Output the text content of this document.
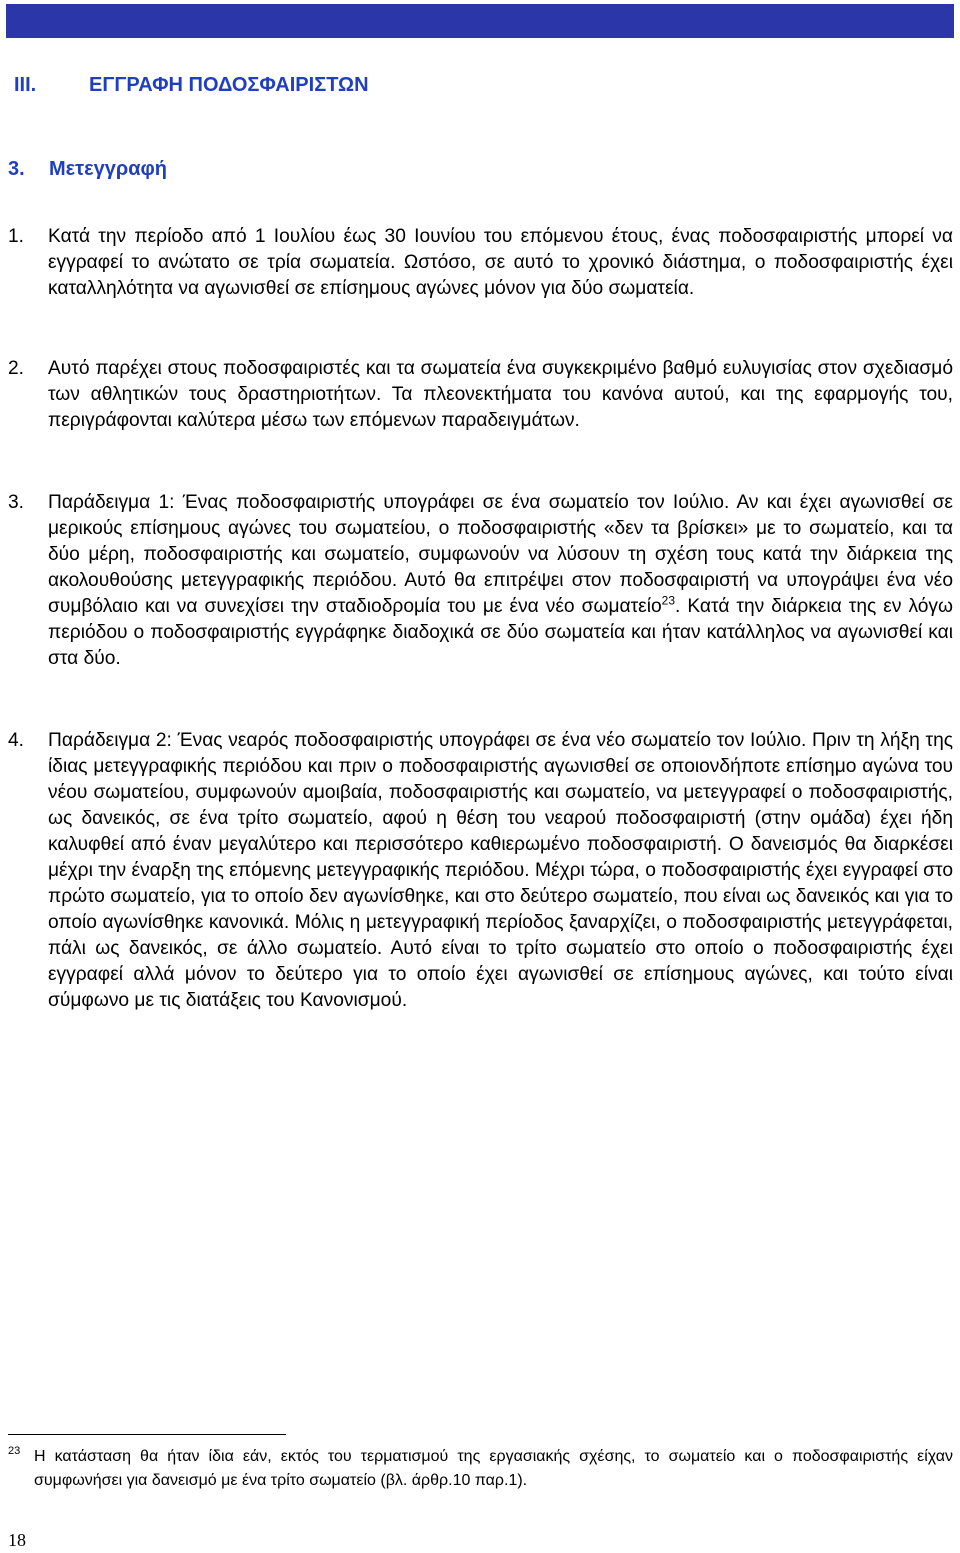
III.	ΕΓΓΡΑΦΗ ΠΟΔΟΣΦΑΙΡΙΣΤΩΝ
3. Μετεγγραφή

1. Κατά την περίοδο από 1 Ιουλίου έως 30 Ιουνίου του επόμενου έτους, ένας ποδοσφαιριστής μπορεί να εγγραφεί το ανώτατο σε τρία σωματεία. Ωστόσο, σε αυτό το χρονικό διάστημα, ο ποδοσφαιριστής έχει καταλληλότητα να αγωνισθεί σε επίσημους αγώνες μόνον για δύο σωματεία.

2. Αυτό παρέχει στους ποδοσφαιριστές και τα σωματεία ένα συγκεκριμένο βαθμό ευλυγισίας στον σχεδιασμό των αθλητικών τους δραστηριοτήτων. Τα πλεονεκτήματα του κανόνα αυτού, και της εφαρμογής του, περιγράφονται καλύτερα μέσω των επόμενων παραδειγμάτων.

3. Παράδειγμα 1: Ένας ποδοσφαιριστής υπογράφει σε ένα σωματείο τον Ιούλιο. Αν και έχει αγωνισθεί σε μερικούς επίσημους αγώνες του σωματείου, ο ποδοσφαιριστής «δεν τα βρίσκει» με το σωματείο, και τα δύο μέρη, ποδοσφαιριστής και σωματείο, συμφωνούν να λύσουν τη σχέση τους κατά την διάρκεια της ακολουθούσης μετεγγραφικής περιόδου. Αυτό θα επιτρέψει στον ποδοσφαιριστή να υπογράψει ένα νέο συμβόλαιο και να συνεχίσει την σταδιοδρομία του με ένα νέο σωματείο$^{23}$. Κατά την διάρκεια της εν λόγω περιόδου ο ποδοσφαιριστής εγγράφηκε διαδοχικά σε δύο σωματεία και ήταν κατάλληλος να αγωνισθεί και στα δύο.

4. Παράδειγμα 2: Ένας νεαρός ποδοσφαιριστής υπογράφει σε ένα νέο σωματείο τον Ιούλιο. Πριν τη λήξη της ίδιας μετεγγραφικής περιόδου και πριν ο ποδοσφαιριστής αγωνισθεί σε οποιονδήποτε επίσημο αγώνα του νέου σωματείου, συμφωνούν αμοιβαία, ποδοσφαιριστής και σωματείο, να μετεγγραφεί ο ποδοσφαιριστής, ως δανεικός, σε ένα τρίτο σωματείο, αφού η θέση του νεαρού ποδοσφαιριστή (στην ομάδα) έχει ήδη καλυφθεί από έναν μεγαλύτερο και περισσότερο καθιερωμένο ποδοσφαιριστή. Ο δανεισμός θα διαρκέσει μέχρι την έναρξη της επόμενης μετεγγραφικής περιόδου. Μέχρι τώρα, ο ποδοσφαιριστής έχει εγγραφεί στο πρώτο σωματείο, για το οποίο δεν αγωνίσθηκε, και στο δεύτερο σωματείο, που είναι ως δανεικός και για το οποίο αγωνίσθηκε κανονικά. Μόλις η μετεγγραφική περίοδος ξαναρχίζει, ο ποδοσφαιριστής μετεγγράφεται, πάλι ως δανεικός, σε άλλο σωματείο. Αυτό είναι το τρίτο σωματείο στο οποίο ο ποδοσφαιριστής έχει εγγραφεί αλλά μόνον το δεύτερο για το οποίο έχει αγωνισθεί σε επίσημους αγώνες, και τούτο είναι σύμφωνο με τις διατάξεις του Κανονισμού.

23 Η κατάσταση θα ήταν ίδια εάν, εκτός του τερματισμού της εργασιακής σχέσης, το σωματείο και ο ποδοσφαιριστής είχαν συμφωνήσει για δανεισμό με ένα τρίτο σωματείο (βλ. άρθρ.10 παρ.1).

18
